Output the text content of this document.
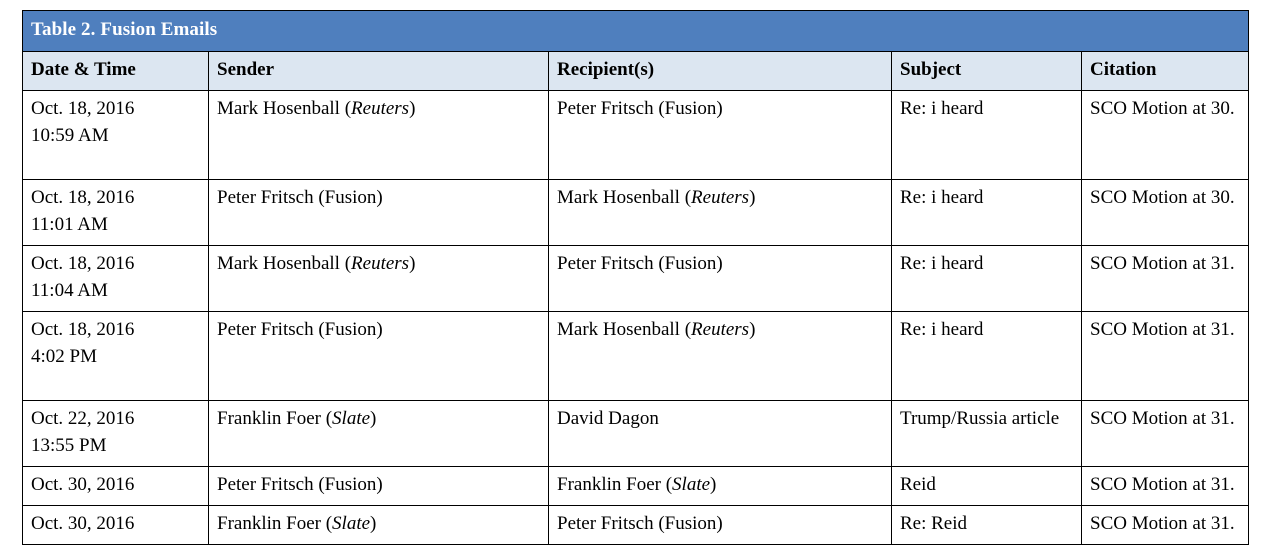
Table 2. Fusion Emails				
Date & Time	Sender	Recipient(s)	Subject	Citation
Oct. 18, 2016
10:59 AM	Mark Hosenball (Reuters)	Peter Fritsch (Fusion)	Re: i heard	SCO Motion at 30.
Oct. 18, 2016
11:01 AM	Peter Fritsch (Fusion)	Mark Hosenball (Reuters)	Re: i heard	SCO Motion at 30.
Oct. 18, 2016
11:04 AM	Mark Hosenball (Reuters)	Peter Fritsch (Fusion)	Re: i heard	SCO Motion at 31.
Oct. 18, 2016
4:02 PM	Peter Fritsch (Fusion)	Mark Hosenball (Reuters)	Re: i heard	SCO Motion at 31.
Oct. 22, 2016
13:55 PM	Franklin Foer (Slate)	David Dagon	Trump/Russia article	SCO Motion at 31.
Oct. 30, 2016	Peter Fritsch (Fusion)	Franklin Foer (Slate)	Reid	SCO Motion at 31.
Oct. 30, 2016	Franklin Foer (Slate)	Peter Fritsch (Fusion)	Re: Reid	SCO Motion at 31.
